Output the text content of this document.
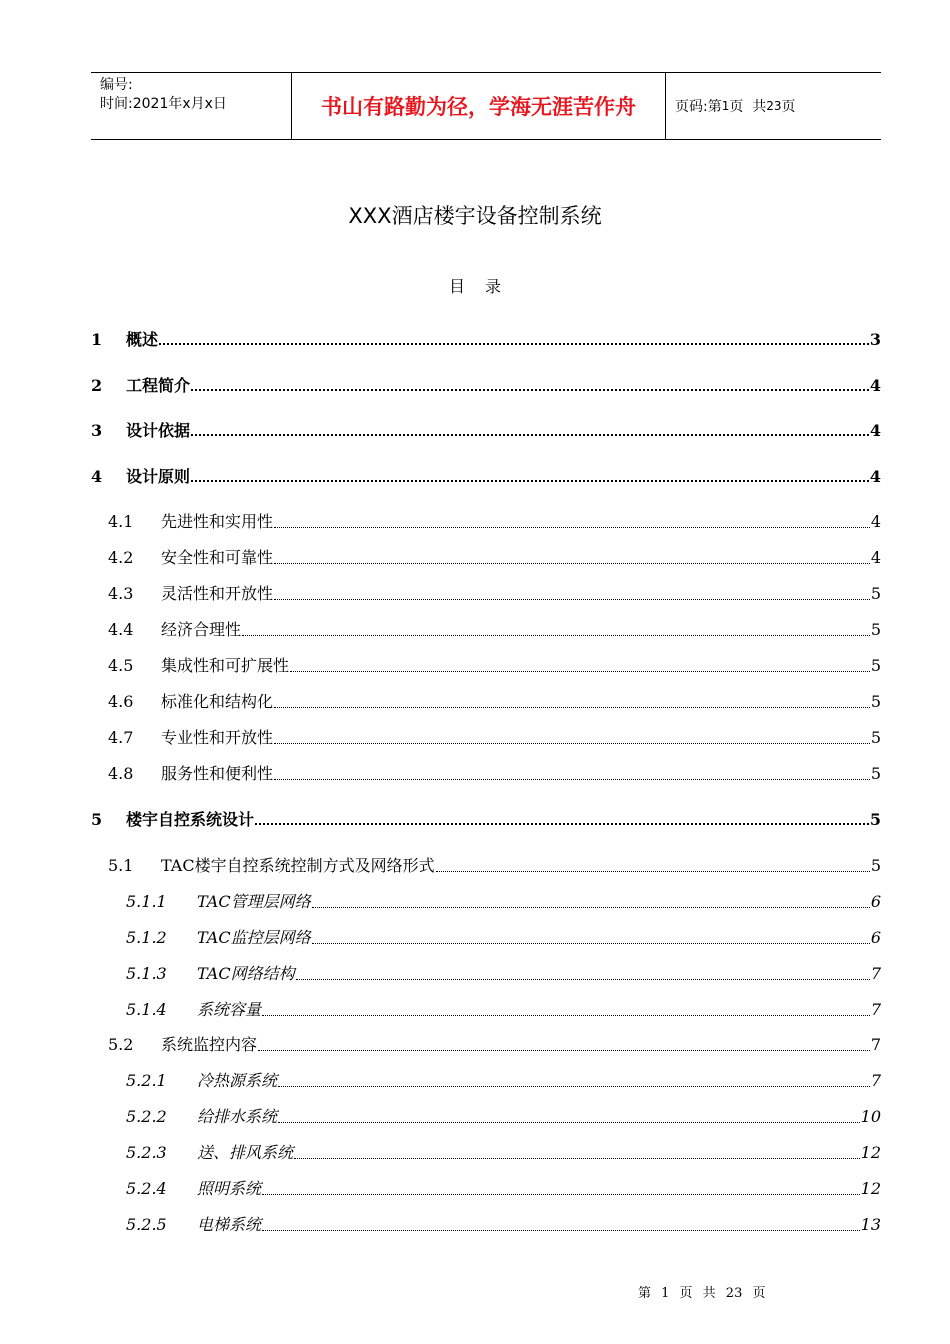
编号:
时间:2021年x月x日	书山有路勤为径，学海无涯苦作舟	页码:第 1 页  共 23 页
XXX酒店楼宇设备控制系统
目录
1	概述	3
2	工程简介	4
3	设计依据	4
4	设计原则	4
4.1	先进性和实用性	4
4.2	安全性和可靠性	4
4.3	灵活性和开放性	5
4.4	经济合理性	5
4.5	集成性和可扩展性	5
4.6	标准化和结构化	5
4.7	专业性和开放性	5
4.8	服务性和便利性	5
5	楼宇自控系统设计	5
5.1	TAC楼宇自控系统控制方式及网络形式	5
5.1.1	TAC管理层网络	6
5.1.2	TAC监控层网络	6
5.1.3	TAC网络结构	7
5.1.4	系统容量	7
5.2	系统监控内容	7
5.2.1	冷热源系统	7
5.2.2	给排水系统	10
5.2.3	送、排风系统	12
5.2.4	照明系统	12
5.2.5	电梯系统	13
第 1 页 共 23 页
